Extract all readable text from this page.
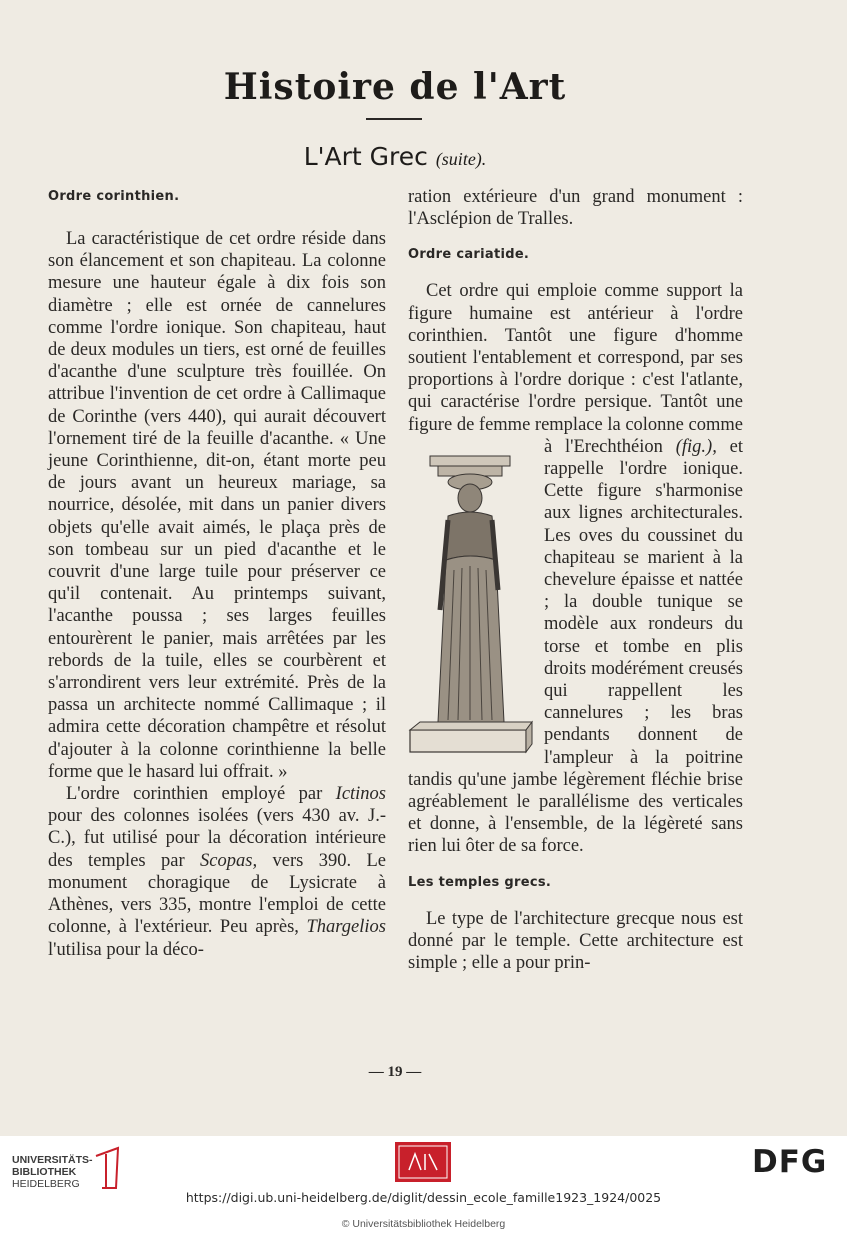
Histoire de l'Art
L'Art Grec (suite).

Ordre corinthien.

La caractéristique de cet ordre réside dans son élancement et son chapiteau. La colonne mesure une hauteur égale à dix fois son diamètre ; elle est ornée de cannelures comme l'ordre ionique. Son chapiteau, haut de deux modules un tiers, est orné de feuilles d'acanthe d'une sculpture très fouillée. On attribue l'invention de cet ordre à Callimaque de Corinthe (vers 440), qui aurait découvert l'ornement tiré de la feuille d'acanthe. « Une jeune Corinthienne, dit-on, étant morte peu de jours avant un heureux mariage, sa nourrice, désolée, mit dans un panier divers objets qu'elle avait aimés, le plaça près de son tombeau sur un pied d'acanthe et le couvrit d'une large tuile pour préserver ce qu'il contenait. Au printemps suivant, l'acanthe poussa ; ses larges feuilles entourèrent le panier, mais arrêtées par les rebords de la tuile, elles se courbèrent et s'arrondirent vers leur extrémité. Près de la passa un architecte nommé Callimaque ; il admira cette décoration champêtre et résolut d'ajouter à la colonne corinthienne la belle forme que le hasard lui offrait. »

L'ordre corinthien employé par Ictinos pour des colonnes isolées (vers 430 av. J.-C.), fut utilisé pour la décoration intérieure des temples par Scopas, vers 390. Le monument choragique de Lysicrate à Athènes, vers 335, montre l'emploi de cette colonne, à l'extérieur. Peu après, Thargelios l'utilisa pour la déco-

ration extérieure d'un grand monument : l'Asclépion de Tralles.

Ordre cariatide.

Cet ordre qui emploie comme support la figure humaine est antérieur à l'ordre corinthien. Tantôt une figure d'homme soutient l'entablement et correspond, par ses proportions à l'ordre dorique : c'est l'atlante, qui caractérise l'ordre persique. Tantôt une figure de femme remplace la colonne comme à l'Erechthéion (fig.), et rappelle l'ordre ionique. Cette figure s'harmonise aux lignes architecturales. Les oves du coussinet du chapiteau se marient à la chevelure épaisse et nattée ; la double tunique se modèle aux rondeurs du torse et tombe en plis droits modérément creusés qui rappellent les cannelures ; les bras pendants donnent de l'ampleur à la poitrine tandis qu'une jambe légèrement fléchie brise agréablement le parallélisme des verticales et donne, à l'ensemble, de la légèreté sans rien lui ôter de sa force.

Les temples grecs.

Le type de l'architecture grecque nous est donné par le temple. Cette architecture est simple ; elle a pour prin-

— 19 —
UNIVERSITÄTS-
BIBLIOTHEK
HEIDELBERG
DFG
https://digi.ub.uni-heidelberg.de/diglit/dessin_ecole_famille1923_1924/0025
© Universitätsbibliothek Heidelberg
